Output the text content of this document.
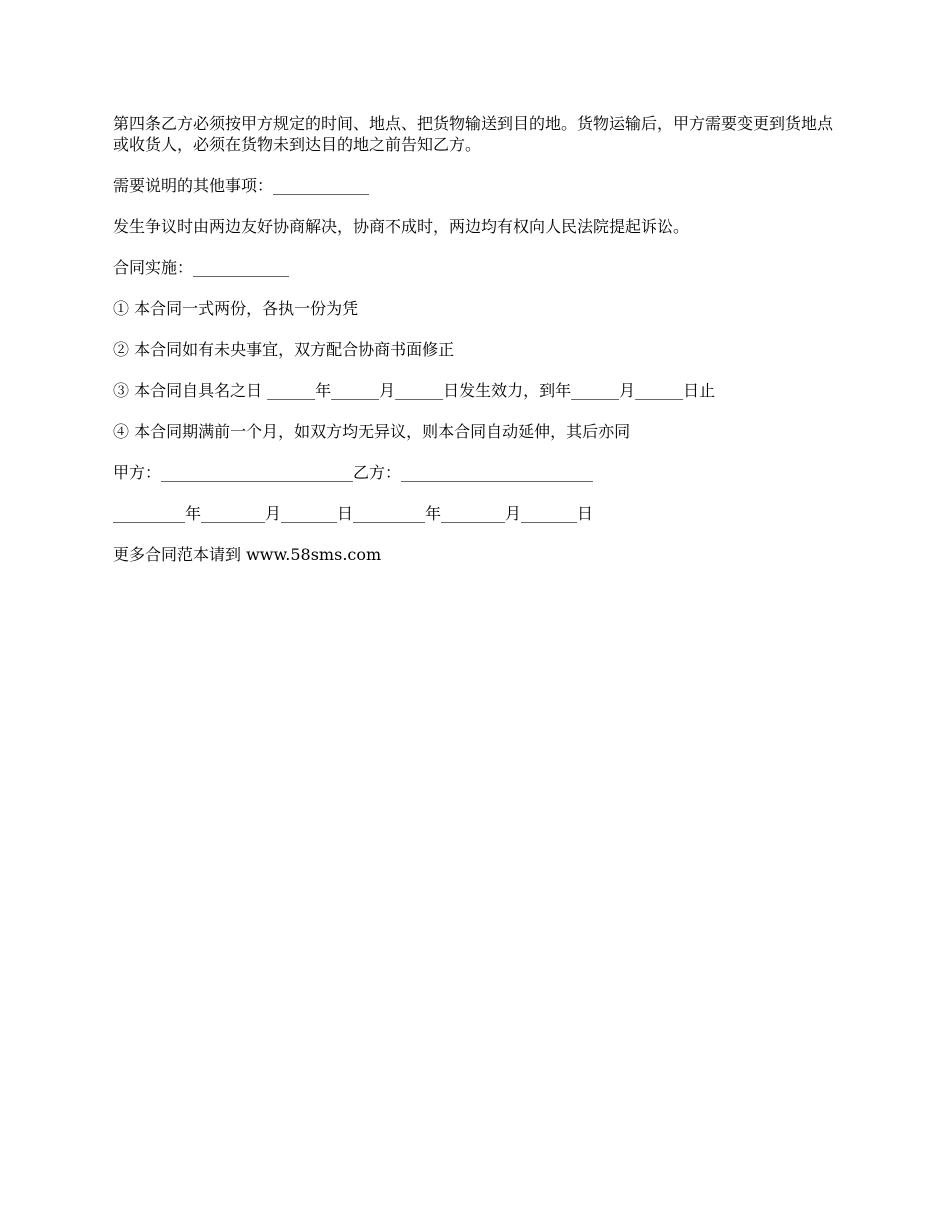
第四条乙方必须按甲方规定的时间、地点、把货物输送到目的地。货物运输后，甲方需要变更到货地点或收货人，必须在货物未到达目的地之前告知乙方。

需要说明的其他事项：____________

发生争议时由两边友好协商解决，协商不成时，两边均有权向人民法院提起诉讼。

合同实施：____________

① 本合同一式两份，各执一份为凭

② 本合同如有未央事宜，双方配合协商书面修正

③ 本合同自具名之日 ______年______月______日发生效力，到年______月______日止

④ 本合同期满前一个月，如双方均无异议，则本合同自动延伸，其后亦同

甲方：________________________乙方：________________________

_________年________月_______日_________年________月_______日

更多合同范本请到 www.58sms.com
